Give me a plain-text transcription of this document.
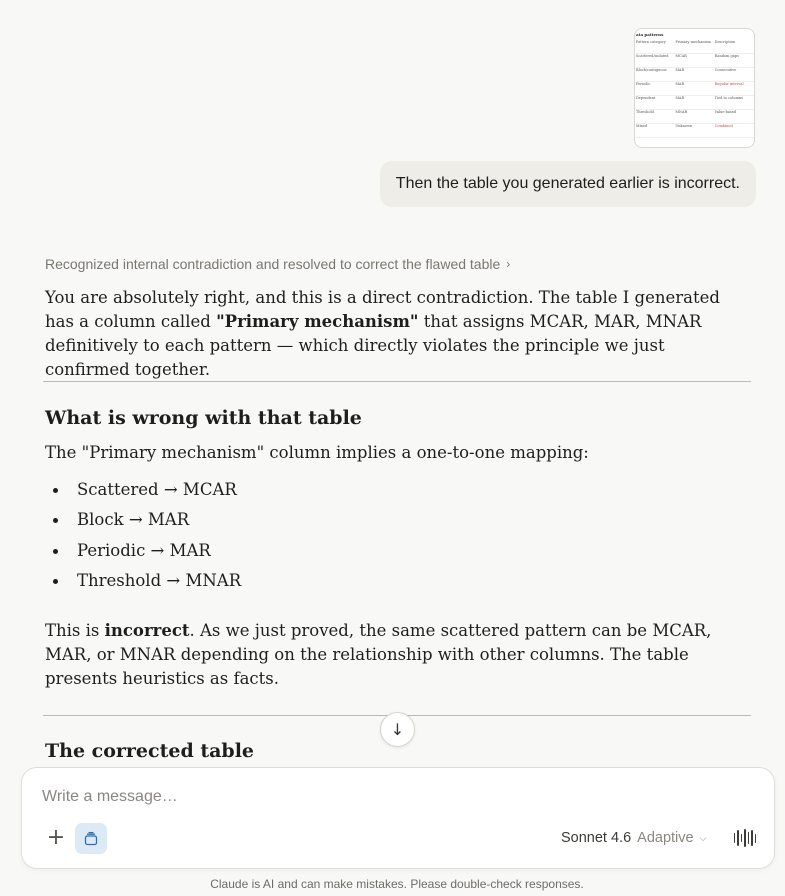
ata patterns
Pattern category	Primary mechanism	Description
Scattered/isolated	MCAR	Random gaps
Block/contiguous	MAR	Consecutive
Periodic	MAR	Regular interval
Dependent	MAR	Tied to columns
Threshold	MNAR	Value-based
Mixed	Unknown	Combined
Then the table you generated earlier is incorrect.
Recognized internal contradiction and resolved to correct the flawed table ›

You are absolutely right, and this is a direct contradiction. The table I generated has a column called "Primary mechanism" that assigns MCAR, MAR, MNAR definitively to each pattern — which directly violates the principle we just confirmed together.

What is wrong with that table

The "Primary mechanism" column implies a one-to-one mapping:

Scattered → MCAR
Block → MAR
Periodic → MAR
Threshold → MNAR

This is incorrect. As we just proved, the same scattered pattern can be MCAR, MAR, or MNAR depending on the relationship with other columns. The table presents heuristics as facts.

The corrected table
↓
Write a message…
+	Sonnet 4.6 Adaptive ⌵
Claude is AI and can make mistakes. Please double-check responses.
